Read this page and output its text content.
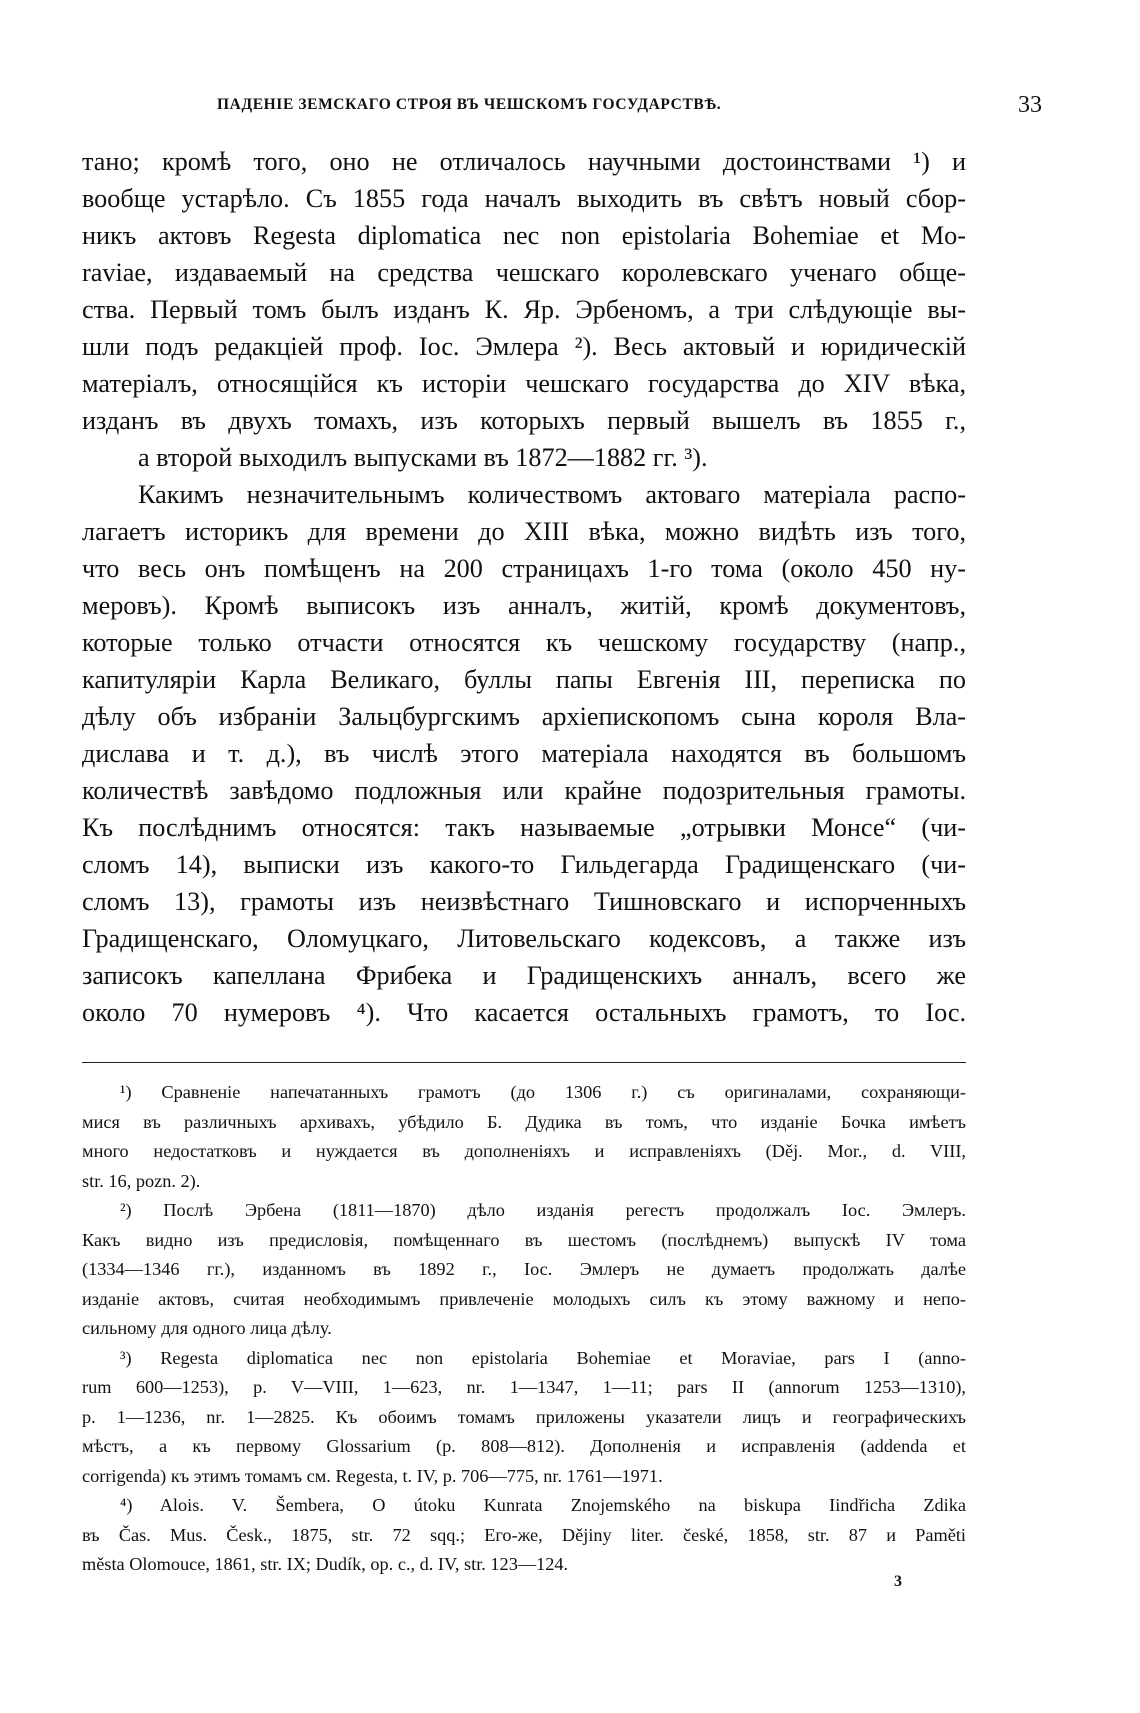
ПАДЕНІЕ ЗЕМСКАГО СТРОЯ ВЪ ЧЕШСКОМЪ ГОСУДАРСТВѢ.	33
тано; кромѣ того, оно не отличалось научными достоинствами ¹) и
вообще устарѣло. Съ 1855 года началъ выходить въ свѣтъ новый сбор-
никъ актовъ Regesta diplomatica nec non epistolaria Bohemiae et Mo-
raviae, издаваемый на средства чешскаго королевскаго ученаго обще-
ства. Первый томъ былъ изданъ К. Яр. Эрбеномъ, а три слѣдующіе вы-
шли подъ редакціей проф. Іос. Эмлера ²). Весь актовый и юридическій
матеріалъ, относящійся къ исторіи чешскаго государства до XIV вѣка,
изданъ въ двухъ томахъ, изъ которыхъ первый вышелъ въ 1855 г.,
а второй выходилъ выпусками въ 1872—1882 гг. ³).
Какимъ незначительнымъ количествомъ актоваго матеріала распо-
лагаетъ историкъ для времени до XIII вѣка, можно видѣть изъ того,
что весь онъ помѣщенъ на 200 страницахъ 1-го тома (около 450 ну-
меровъ). Кромѣ выписокъ изъ анналъ, житій, кромѣ документовъ,
которые только отчасти относятся къ чешскому государству (напр.,
капитуляріи Карла Великаго, буллы папы Евгенія III, переписка по
дѣлу объ избраніи Зальцбургскимъ архіепископомъ сына короля Вла-
дислава и т. д.), въ числѣ этого матеріала находятся въ большомъ
количествѣ завѣдомо подложныя или крайне подозрительныя грамоты.
Къ послѣднимъ относятся: такъ называемые „отрывки Монсе“ (чи-
сломъ 14), выписки изъ какого-то Гильдегарда Градищенскаго (чи-
сломъ 13), грамоты изъ неизвѣстнаго Тишновскаго и испорченныхъ
Градищенскаго, Оломуцкаго, Литовельскаго кодексовъ, а также изъ
записокъ капеллана Фрибека и Градищенскихъ анналъ, всего же
около 70 нумеровъ ⁴). Что касается остальныхъ грамотъ, то Іос.
¹) Сравненіе напечатанныхъ грамотъ (до 1306 г.) съ оригиналами, сохраняющи-
мися въ различныхъ архивахъ, убѣдило Б. Дудика въ томъ, что изданіе Бочка имѣетъ
много недостатковъ и нуждается въ дополненіяхъ и исправленіяхъ (Děj. Mor., d. VIII,
str. 16, pozn. 2).
²) Послѣ Эрбена (1811—1870) дѣло изданія регестъ продолжалъ Іос. Эмлеръ.
Какъ видно изъ предисловія, помѣщеннаго въ шестомъ (послѣднемъ) выпускѣ IV тома
(1334—1346 гг.), изданномъ въ 1892 г., Іос. Эмлеръ не думаетъ продолжать далѣе
изданіе актовъ, считая необходимымъ привлеченіе молодыхъ силъ къ этому важному и непо-
сильному для одного лица дѣлу.
³) Regesta diplomatica nec non epistolaria Bohemiae et Moraviae, pars I (anno-
rum 600—1253), p. V—VIII, 1—623, nr. 1—1347, 1—11; pars II (annorum 1253—1310),
p. 1—1236, nr. 1—2825. Къ обоимъ томамъ приложены указатели лицъ и географическихъ
мѣстъ, а къ первому Glossarium (p. 808—812). Дополненія и исправленія (addenda et
corrigenda) къ этимъ томамъ см. Regesta, t. IV, p. 706—775, nr. 1761—1971.
⁴) Alois. V. Šembera, O útoku Kunrata Znojemského na biskupa Iindřicha Zdika
въ Čas. Mus. Česk., 1875, str. 72 sqq.; Его-же, Dějiny liter. české, 1858, str. 87 и Paměti
města Olomouce, 1861, str. IX; Dudík, op. c., d. IV, str. 123—124.
3
